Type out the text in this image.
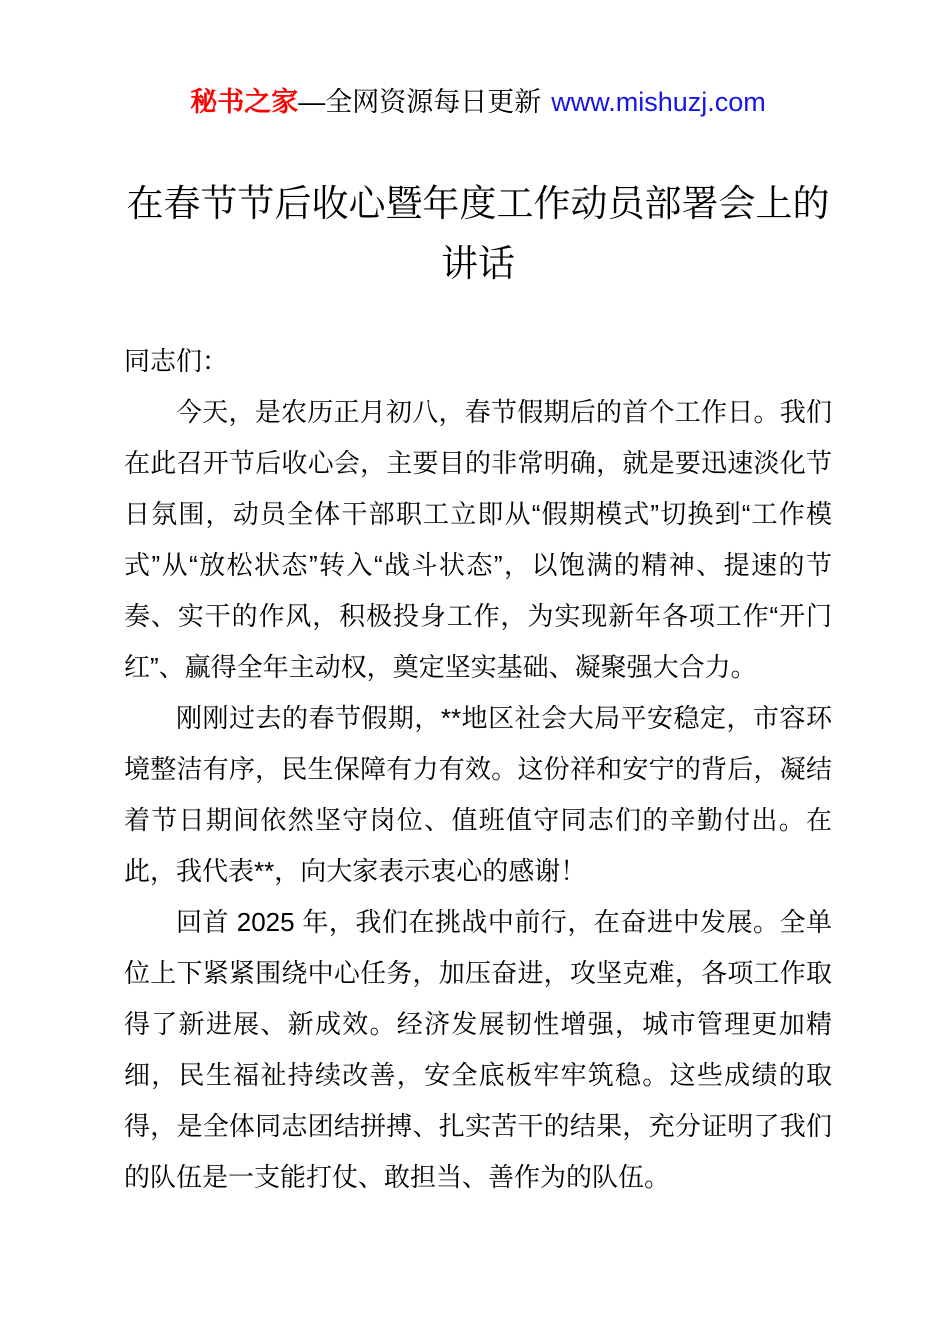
秘书之家—全网资源每日更新 www.mishuzj.com
在春节节后收心暨年度工作动员部署会上的讲话

同志们：

今天，是农历正月初八，春节假期后的首个工作日。我们在此召开节后收心会，主要目的非常明确，就是要迅速淡化节日氛围，动员全体干部职工立即从“假期模式”切换到“工作模式”从“放松状态”转入“战斗状态”，以饱满的精神、提速的节奏、实干的作风，积极投身工作，为实现新年各项工作“开门红”、赢得全年主动权，奠定坚实基础、凝聚强大合力。

刚刚过去的春节假期，**地区社会大局平安稳定，市容环境整洁有序，民生保障有力有效。这份祥和安宁的背后，凝结着节日期间依然坚守岗位、值班值守同志们的辛勤付出。在此，我代表**，向大家表示衷心的感谢！

回首 2025 年，我们在挑战中前行，在奋进中发展。全单位上下紧紧围绕中心任务，加压奋进，攻坚克难，各项工作取得了新进展、新成效。经济发展韧性增强，城市管理更加精细，民生福祉持续改善，安全底板牢牢筑稳。这些成绩的取得，是全体同志团结拼搏、扎实苦干的结果，充分证明了我们的队伍是一支能打仗、敢担当、善作为的队伍。
